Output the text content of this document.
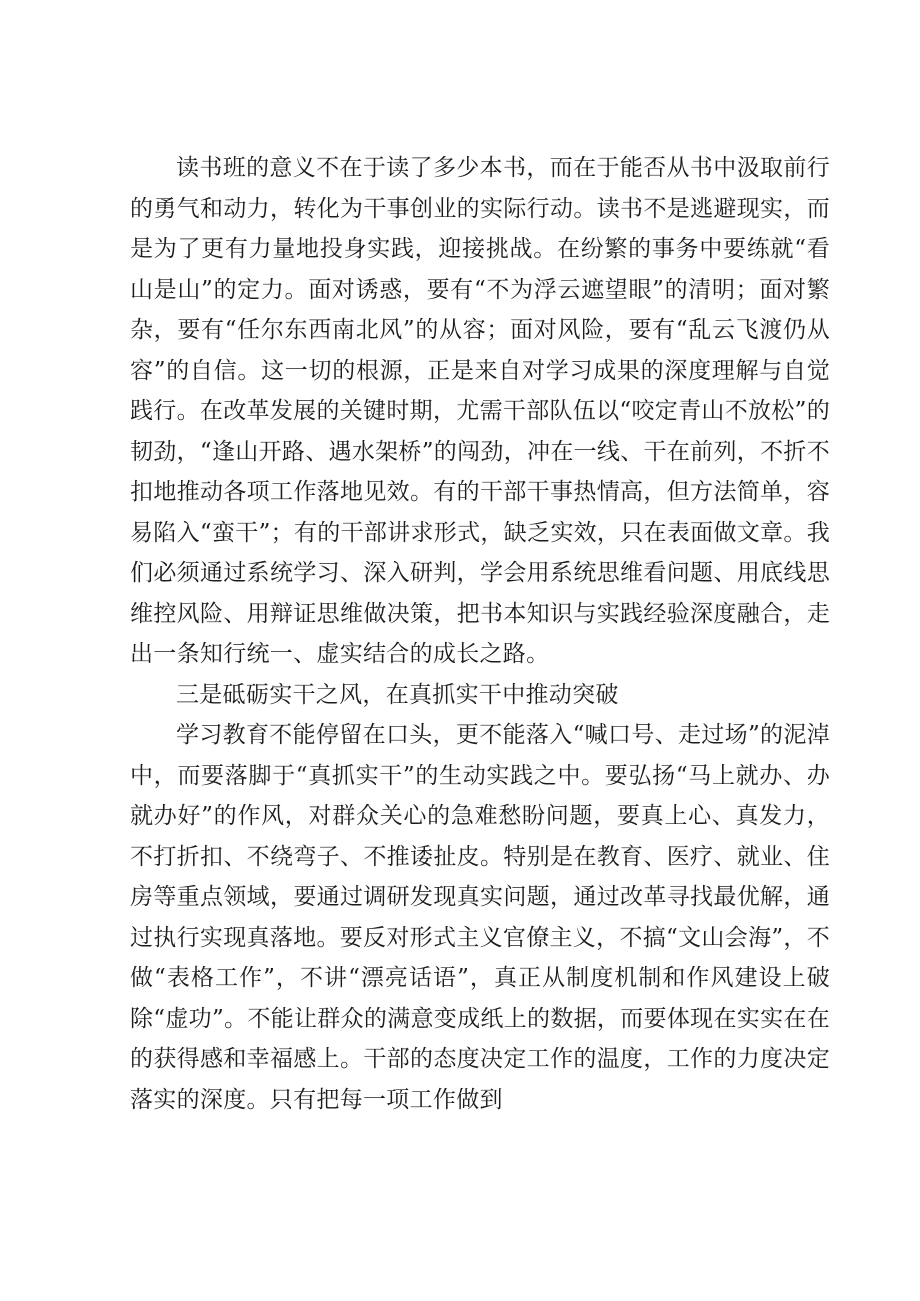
读书班的意义不在于读了多少本书，而在于能否从书中汲取前行的勇气和动力，转化为干事创业的实际行动。读书不是逃避现实，而是为了更有力量地投身实践，迎接挑战。在纷繁的事务中要练就“看山是山”的定力。面对诱惑，要有“不为浮云遮望眼”的清明；面对繁杂，要有“任尔东西南北风”的从容；面对风险，要有“乱云飞渡仍从容”的自信。这一切的根源，正是来自对学习成果的深度理解与自觉践行。在改革发展的关键时期，尤需干部队伍以“咬定青山不放松”的韧劲，“逢山开路、遇水架桥”的闯劲，冲在一线、干在前列，不折不扣地推动各项工作落地见效。有的干部干事热情高，但方法简单，容易陷入“蛮干”；有的干部讲求形式，缺乏实效，只在表面做文章。我们必须通过系统学习、深入研判，学会用系统思维看问题、用底线思维控风险、用辩证思维做决策，把书本知识与实践经验深度融合，走出一条知行统一、虚实结合的成长之路。

三是砥砺实干之风，在真抓实干中推动突破

学习教育不能停留在口头，更不能落入“喊口号、走过场”的泥淖中，而要落脚于“真抓实干”的生动实践之中。要弘扬“马上就办、办就办好”的作风，对群众关心的急难愁盼问题，要真上心、真发力，不打折扣、不绕弯子、不推诿扯皮。特别是在教育、医疗、就业、住房等重点领域，要通过调研发现真实问题，通过改革寻找最优解，通过执行实现真落地。要反对形式主义官僚主义，不搞“文山会海”，不做“表格工作”，不讲“漂亮话语”，真正从制度机制和作风建设上破除“虚功”。不能让群众的满意变成纸上的数据，而要体现在实实在在的获得感和幸福感上。干部的态度决定工作的温度，工作的力度决定落实的深度。只有把每一项工作做到
